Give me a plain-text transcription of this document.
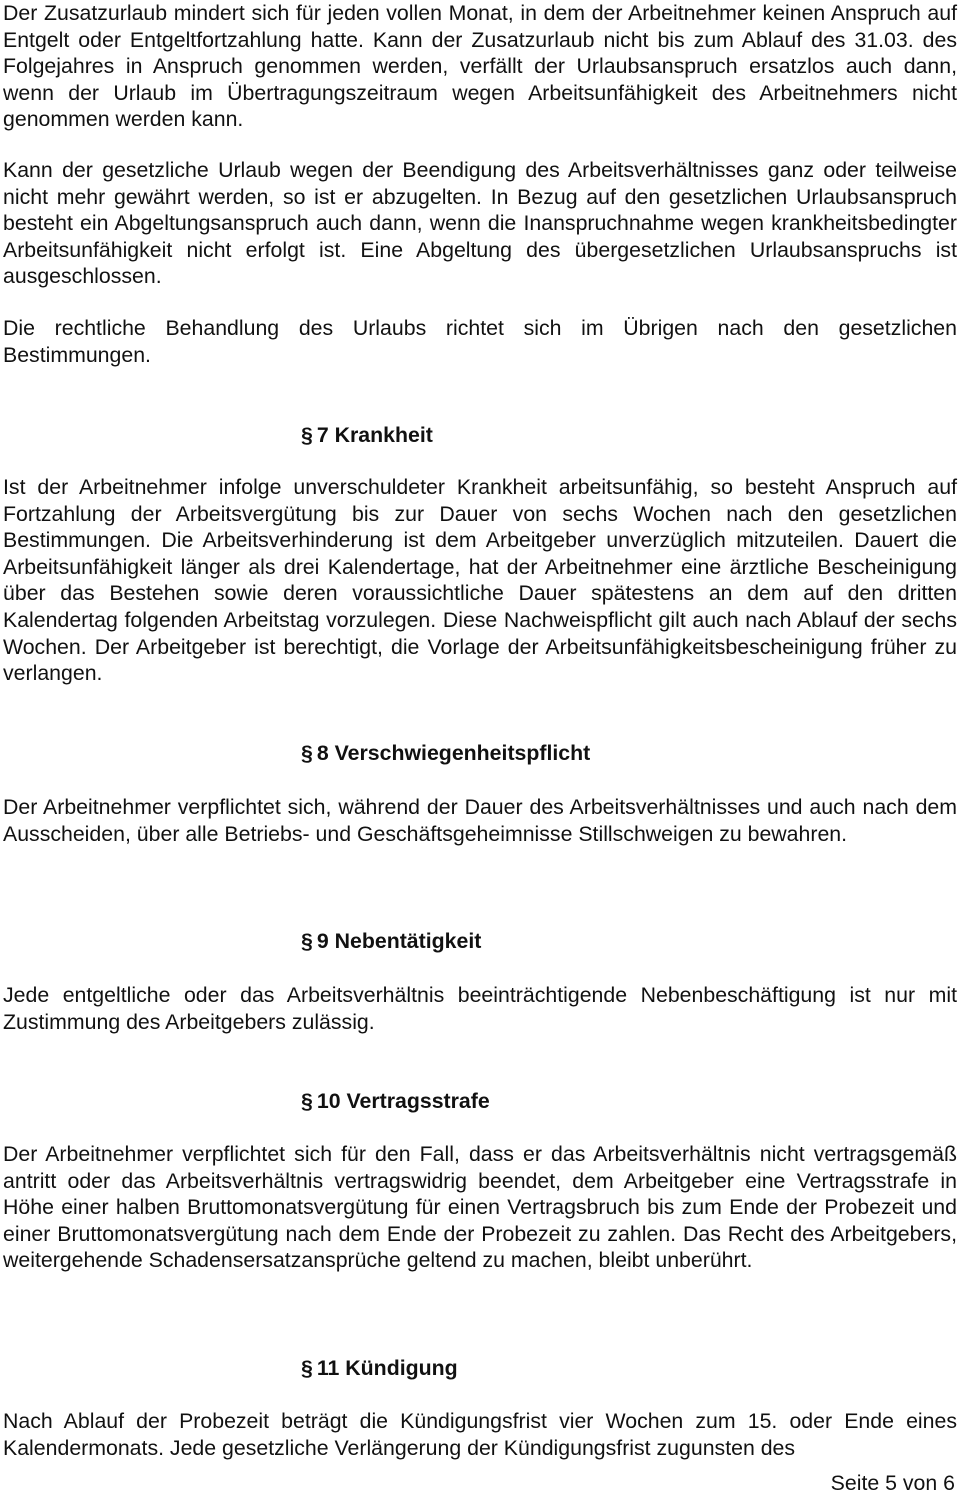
Der Zusatzurlaub mindert sich für jeden vollen Monat, in dem der Arbeitnehmer keinen Anspruch auf Entgelt oder Entgeltfortzahlung hatte. Kann der Zusatzurlaub nicht bis zum Ablauf des 31.03. des Folgejahres in Anspruch genommen werden, verfällt der Urlaubsanspruch ersatzlos auch dann, wenn der Urlaub im Übertragungszeitraum wegen Arbeitsunfähigkeit des Arbeitnehmers nicht genommen werden kann.

Kann der gesetzliche Urlaub wegen der Beendigung des Arbeitsverhältnisses ganz oder teilweise nicht mehr gewährt werden, so ist er abzugelten. In Bezug auf den gesetzlichen Urlaubsanspruch besteht ein Abgeltungsanspruch auch dann, wenn die Inanspruchnahme wegen krankheitsbedingter Arbeitsunfähigkeit nicht erfolgt ist. Eine Abgeltung des übergesetzlichen Urlaubsanspruchs ist ausgeschlossen.

Die rechtliche Behandlung des Urlaubs richtet sich im Übrigen nach den gesetzlichen Bestimmungen.

§ 7 Krankheit

Ist der Arbeitnehmer infolge unverschuldeter Krankheit arbeitsunfähig, so besteht Anspruch auf Fortzahlung der Arbeitsvergütung bis zur Dauer von sechs Wochen nach den gesetzlichen Bestimmungen. Die Arbeitsverhinderung ist dem Arbeitgeber unverzüglich mitzuteilen. Dauert die Arbeitsunfähigkeit länger als drei Kalendertage, hat der Arbeitnehmer eine ärztliche Bescheinigung über das Bestehen sowie deren voraussichtliche Dauer spätestens an dem auf den dritten Kalendertag folgenden Arbeitstag vorzulegen. Diese Nachweispflicht gilt auch nach Ablauf der sechs Wochen. Der Arbeitgeber ist berechtigt, die Vorlage der Arbeitsunfähigkeitsbescheinigung früher zu verlangen.

§ 8 Verschwiegenheitspflicht

Der Arbeitnehmer verpflichtet sich, während der Dauer des Arbeitsverhältnisses und auch nach dem Ausscheiden, über alle Betriebs- und Geschäftsgeheimnisse Stillschweigen zu bewahren.

§ 9 Nebentätigkeit

Jede entgeltliche oder das Arbeitsverhältnis beeinträchtigende Nebenbeschäftigung ist nur mit Zustimmung des Arbeitgebers zulässig.

§ 10 Vertragsstrafe

Der Arbeitnehmer verpflichtet sich für den Fall, dass er das Arbeitsverhältnis nicht vertragsgemäß antritt oder das Arbeitsverhältnis vertragswidrig beendet, dem Arbeitgeber eine Vertragsstrafe in Höhe einer halben Bruttomonatsvergütung für einen Vertragsbruch bis zum Ende der Probezeit und einer Bruttomonatsvergütung nach dem Ende der Probezeit zu zahlen. Das Recht des Arbeitgebers, weitergehende Schadensersatzansprüche geltend zu machen, bleibt unberührt.

§ 11 Kündigung

Nach Ablauf der Probezeit beträgt die Kündigungsfrist vier Wochen zum 15. oder Ende eines Kalendermonats. Jede gesetzliche Verlängerung der Kündigungsfrist zugunsten des

Seite 5 von 6
